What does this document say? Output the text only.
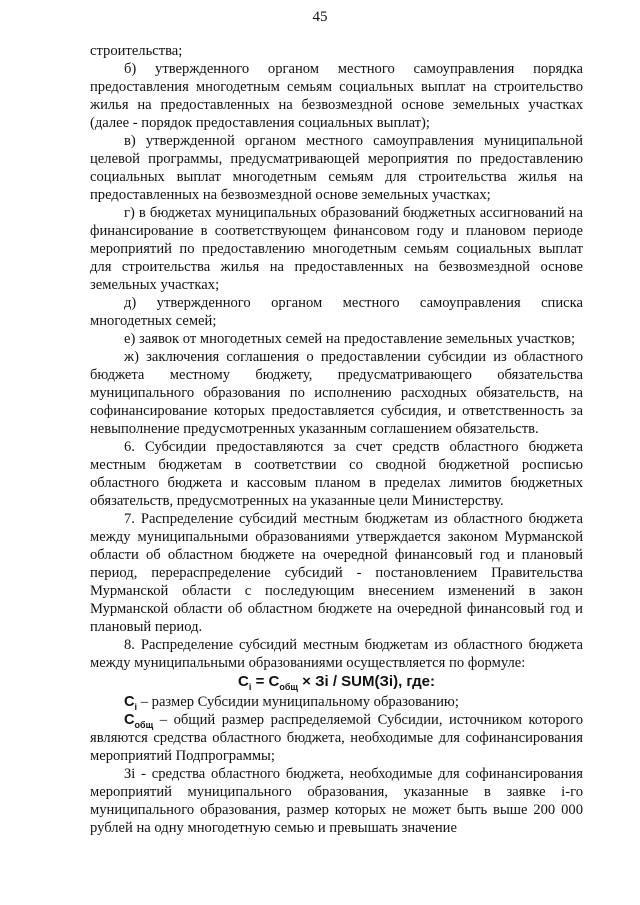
45

строительства;

б) утвержденного органом местного самоуправления порядка предоставления многодетным семьям социальных выплат на строительство жилья на предоставленных на безвозмездной основе земельных участках (далее - порядок предоставления социальных выплат);

в) утвержденной органом местного самоуправления муниципальной целевой программы, предусматривающей мероприятия по предоставлению социальных выплат многодетным семьям для строительства жилья на предоставленных на безвозмездной основе земельных участках;

г) в бюджетах муниципальных образований бюджетных ассигнований на финансирование в соответствующем финансовом году и плановом периоде мероприятий по предоставлению многодетным семьям социальных выплат для строительства жилья на предоставленных на безвозмездной основе земельных участках;

д) утвержденного органом местного самоуправления списка многодетных семей;

е) заявок от многодетных семей на предоставление земельных участков;

ж) заключения соглашения о предоставлении субсидии из областного бюджета местному бюджету, предусматривающего обязательства муниципального образования по исполнению расходных обязательств, на софинансирование которых предоставляется субсидия, и ответственность за невыполнение предусмотренных указанным соглашением обязательств.

6. Субсидии предоставляются за счет средств областного бюджета местным бюджетам в соответствии со сводной бюджетной росписью областного бюджета и кассовым планом в пределах лимитов бюджетных обязательств, предусмотренных на указанные цели Министерству.

7. Распределение субсидий местным бюджетам из областного бюджета между муниципальными образованиями утверждается законом Мурманской области об областном бюджете на очередной финансовый год и плановый период, перераспределение субсидий - постановлением Правительства Мурманской области с последующим внесением изменений в закон Мурманской области об областном бюджете на очередной финансовый год и плановый период.

8. Распределение субсидий местным бюджетам из областного бюджета между муниципальными образованиями осуществляется по формуле:

$C_i = C_{общ}$ × Зi / SUM(Зi), где:

$C_i$ – размер Субсидии муниципальному образованию;

$C_{общ}$ – общий размер распределяемой Субсидии, источником которого являются средства областного бюджета, необходимые для софинансирования мероприятий Подпрограммы;

Зi - средства областного бюджета, необходимые для софинансирования мероприятий муниципального образования, указанные в заявке i-го муниципального образования, размер которых не может быть выше 200 000 рублей на одну многодетную семью и превышать значение
